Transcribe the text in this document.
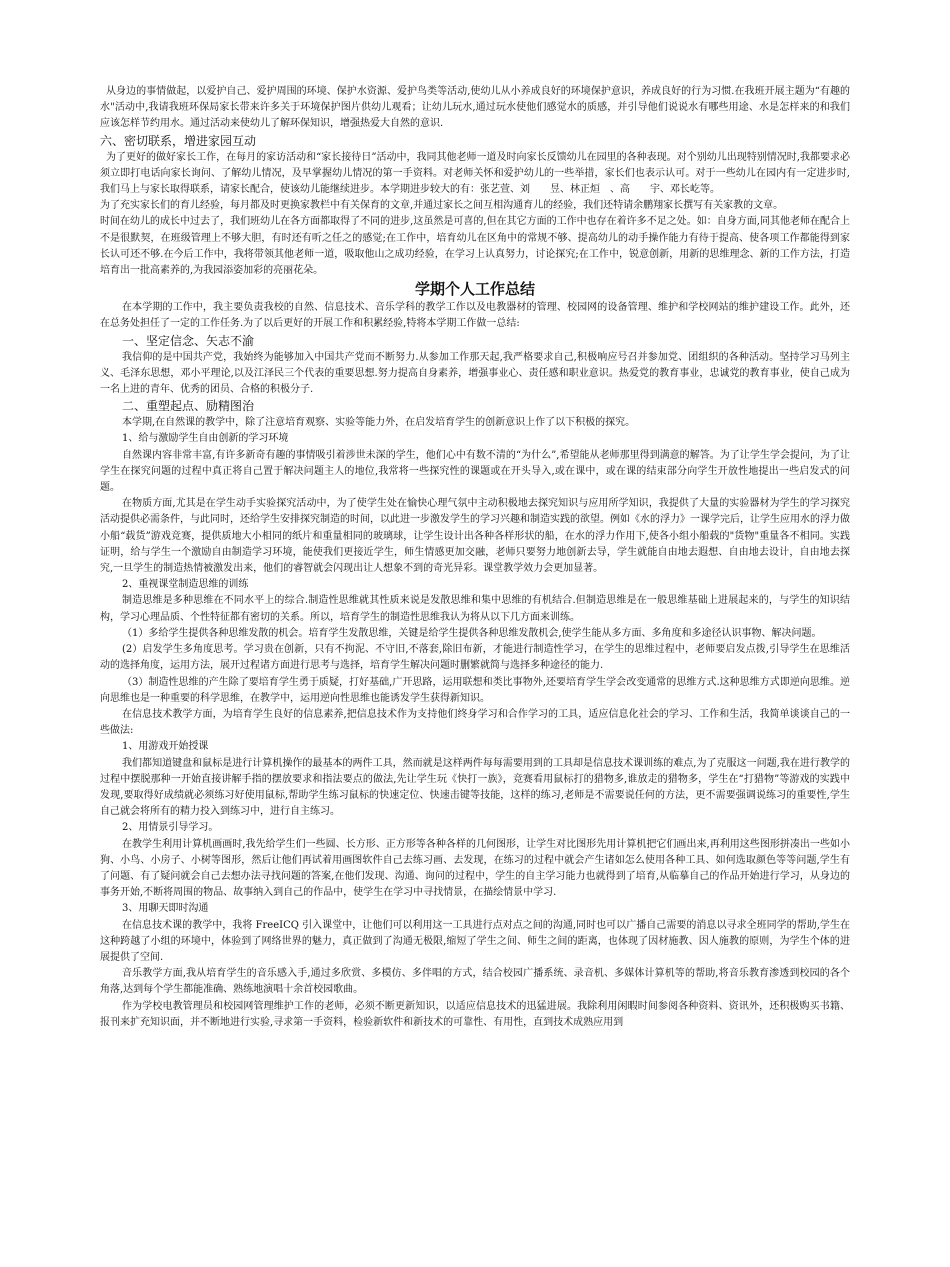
从身边的事情做起，以爱护自己、爱护周围的环境、保护水资源、爱护鸟类等活动,使幼儿从小养成良好的环境保护意识，养成良好的行为习惯.在我班开展主题为“有趣的水"活动中,我请我班环保局家长带来许多关于环境保护图片供幼儿观看；让幼儿玩水,通过玩水使他们感觉水的质感，并引导他们说说水有哪些用途、水是怎样来的和我们应该怎样节约用水。通过活动来使幼儿了解环保知识，增强热爱大自然的意识.

六、密切联系，增进家园互动

为了更好的做好家长工作，在每月的家访活动和“家长接待日”活动中，我同其他老师一道及时向家长反馈幼儿在园里的各种表现。对个别幼儿出现特别情况时,我都要求必须立即打电话向家长询问、了解幼儿情况，及早掌握幼儿情况的第一手资料。对老师关怀和爱护幼儿的一些举措，家长们也表示认可。对于一些幼儿在园内有一定进步时,我们马上与家长取得联系，请家长配合，使该幼儿能继续进步。本学期进步较大的有：张艺萱、刘　　昱、林正烜　、高　　宇、邓长屹等。

为了充实家长们的育儿经验，每月都及时更换家教栏中有关保育的文章,并通过家长之间互相沟通育儿的经验，我们还特请余鹏翔家长撰写有关家教的文章。

时间在幼儿的成长中过去了，我们班幼儿在各方面都取得了不同的进步,这虽然是可喜的,但在其它方面的工作中也存在着许多不足之处。如：自身方面,同其他老师在配合上不是很默契，在班级管理上不够大胆，有时还有听之任之的感觉;在工作中，培育幼儿在区角中的常规不够、提高幼儿的动手操作能力有待于提高、使各项工作都能得到家长认可还不够.在今后工作中，我将带领其他老师一道，吸取他山之成功经验，在学习上认真努力，讨论探究;在工作中，锐意创新，用新的思维理念、新的工作方法，打造培育出一批高素养的,为我园添姿加彩的亮丽花朵。

学期个人工作总结

在本学期的工作中，我主要负责我校的自然、信息技术、音乐学科的教学工作以及电教器材的管理、校园网的设备管理、维护和学校网站的维护建设工作。此外，还在总务处担任了一定的工作任务.为了以后更好的开展工作和积累经验,特将本学期工作做一总结:

一、坚定信念、矢志不渝

我信仰的是中国共产党，我始终为能够加入中国共产党而不断努力.从参加工作那天起,我严格要求自己,积极响应号召并参加党、团组织的各种活动。坚持学习马列主义、毛泽东思想，邓小平理论,以及江泽民三个代表的重要思想.努力提高自身素养，增强事业心、责任感和职业意识。热爱党的教育事业，忠诚党的教育事业，使自己成为一名上进的青年、优秀的团员、合格的积极分子.

二、重塑起点、励精图治

本学期,在自然课的教学中，除了注意培育观察、实验等能力外，在启发培育学生的创新意识上作了以下积极的探究。

1、给与激励学生自由创新的学习环境

自然课内容非常丰富,有许多新奇有趣的事情吸引着涉世未深的学生，他们心中有数不清的“为什么”,希望能从老师那里得到满意的解答。为了让学生学会提问，为了让学生在探究问题的过程中真正将自己置于解决问题主人的地位,我常将一些探究性的课题或在开头导入,或在课中，或在课的结束部分向学生开放性地提出一些启发式的问题。

在物质方面,尤其是在学生动手实验探究活动中，为了使学生处在愉快心理气氛中主动积极地去探究知识与应用所学知识，我提供了大量的实验器材为学生的学习探究活动提供必需条件，与此同时，还给学生安排探究制造的时间，以此进一步激发学生的学习兴趣和制造实践的欲望。例如《水的浮力》一课学完后，让学生应用水的浮力做小船“载货”游戏竞赛，提供质地大小相同的纸片和重量相同的玻璃球，让学生设计出各种各样形状的船，在水的浮力作用下,使各小组小船载的"货物"重量各不相同。实践证明，给与学生一个激励自由制造学习环境，能使我们更接近学生，师生情感更加交融，老师只要努力地创新去导，学生就能自由地去遐想、自由地去设计，自由地去探究,一旦学生的制造热情被激发出来，他们的睿智就会闪现出让人想象不到的奇光异彩。课堂教学效力会更加显著。

2、重视课堂制造思维的训练

制造思维是多种思维在不同水平上的综合.制造性思维就其性质来说是发散思维和集中思维的有机结合.但制造思维是在一般思维基础上进展起来的，与学生的知识结构，学习心理品质、个性特征都有密切的关系。所以，培育学生的制造性思维我认为将从以下几方面来训练。

（1）多给学生提供各种思维发散的机会。培育学生发散思维，关键是给学生提供各种思维发散机会,使学生能从多方面、多角度和多途径认识事物、解决问题。

(2）启发学生多角度思考。学习贵在创新，只有不拘泥、不守旧,不落套,除旧布新，才能进行制造性学习，在学生的思维过程中，老师要启发点拨,引导学生在思维活动的选择角度，运用方法，展开过程诸方面进行思考与选择，培育学生解决问题时删繁就简与选择多种途径的能力.

（3）制造性思维的产生除了要培育学生勇于质疑，打好基础,广开思路，运用联想和类比事物外,还要培育学生学会改变通常的思维方式.这种思维方式即逆向思维。逆向思维也是一种重要的科学思维，在教学中，运用逆向性思维也能诱发学生获得新知识。

在信息技术教学方面，为培育学生良好的信息素养,把信息技术作为支持他们终身学习和合作学习的工具，适应信息化社会的学习、工作和生活，我简单谈谈自己的一些做法:

1、用游戏开始授课

我们都知道键盘和鼠标是进行计算机操作的最基本的两件工具，然而就是这样两件每每需要用到的工具却是信息技术课训练的难点,为了克服这一问题,我在进行教学的过程中摆脱那种一开始直接讲解手指的摆放要求和指法要点的做法,先让学生玩《快打一族》，竞赛看用鼠标打的猎物多,谁放走的猎物多，学生在“打猎物”等游戏的实践中发现,要取得好成绩就必须练习好使用鼠标,帮助学生练习鼠标的快速定位、快速击键等技能，这样的练习,老师是不需要说任何的方法，更不需要强调说练习的重要性,学生自己就会将所有的精力投入到练习中，进行自主练习。

2、用情景引导学习。

在教学生利用计算机画画时,我先给学生们一些圆、长方形、正方形等各种各样的几何图形，让学生对比图形先用计算机把它们画出来,再利用这些图形拼凑出一些如小狗、小鸟、小房子、小树等图形，然后让他们再试着用画图软件自己去练习画、去发现，在练习的过程中就会产生诸如怎么使用各种工具、如何选取颜色等等问题,学生有了问题、有了疑问就会自己去想办法寻找问题的答案,在他们发现、沟通、询问的过程中，学生的自主学习能力也就得到了培育,从临摹自己的作品开始进行学习，从身边的事务开始,不断将周围的物品、故事纳入到自己的作品中，使学生在学习中寻找情景，在描绘情景中学习.

3、用聊天即时沟通

在信息技术课的教学中，我将 FreeICQ 引入课堂中，让他们可以利用这一工具进行点对点之间的沟通,同时也可以广播自己需要的消息以寻求全班同学的帮助,学生在这种跨越了小组的环境中，体验到了网络世界的魅力，真正做到了沟通无极限,缩短了学生之间、师生之间的距离，也体现了因材施教、因人施教的原则，为学生个体的进展提供了空间.

音乐教学方面,我从培育学生的音乐感入手,通过多欣赏、多模仿、多伴唱的方式，结合校园广播系统、录音机、多媒体计算机等的帮助,将音乐教育渗透到校园的各个角落,达到每个学生都能准确、熟练地演唱十余首校园歌曲。

作为学校电教管理员和校园网管理维护工作的老师，必须不断更新知识，以适应信息技术的迅猛进展。我除利用闲暇时间参阅各种资料、资讯外，还积极购买书籍、报刊来扩充知识面，并不断地进行实验,寻求第一手资料，检验新软件和新技术的可靠性、有用性，直到技术成熟应用到
